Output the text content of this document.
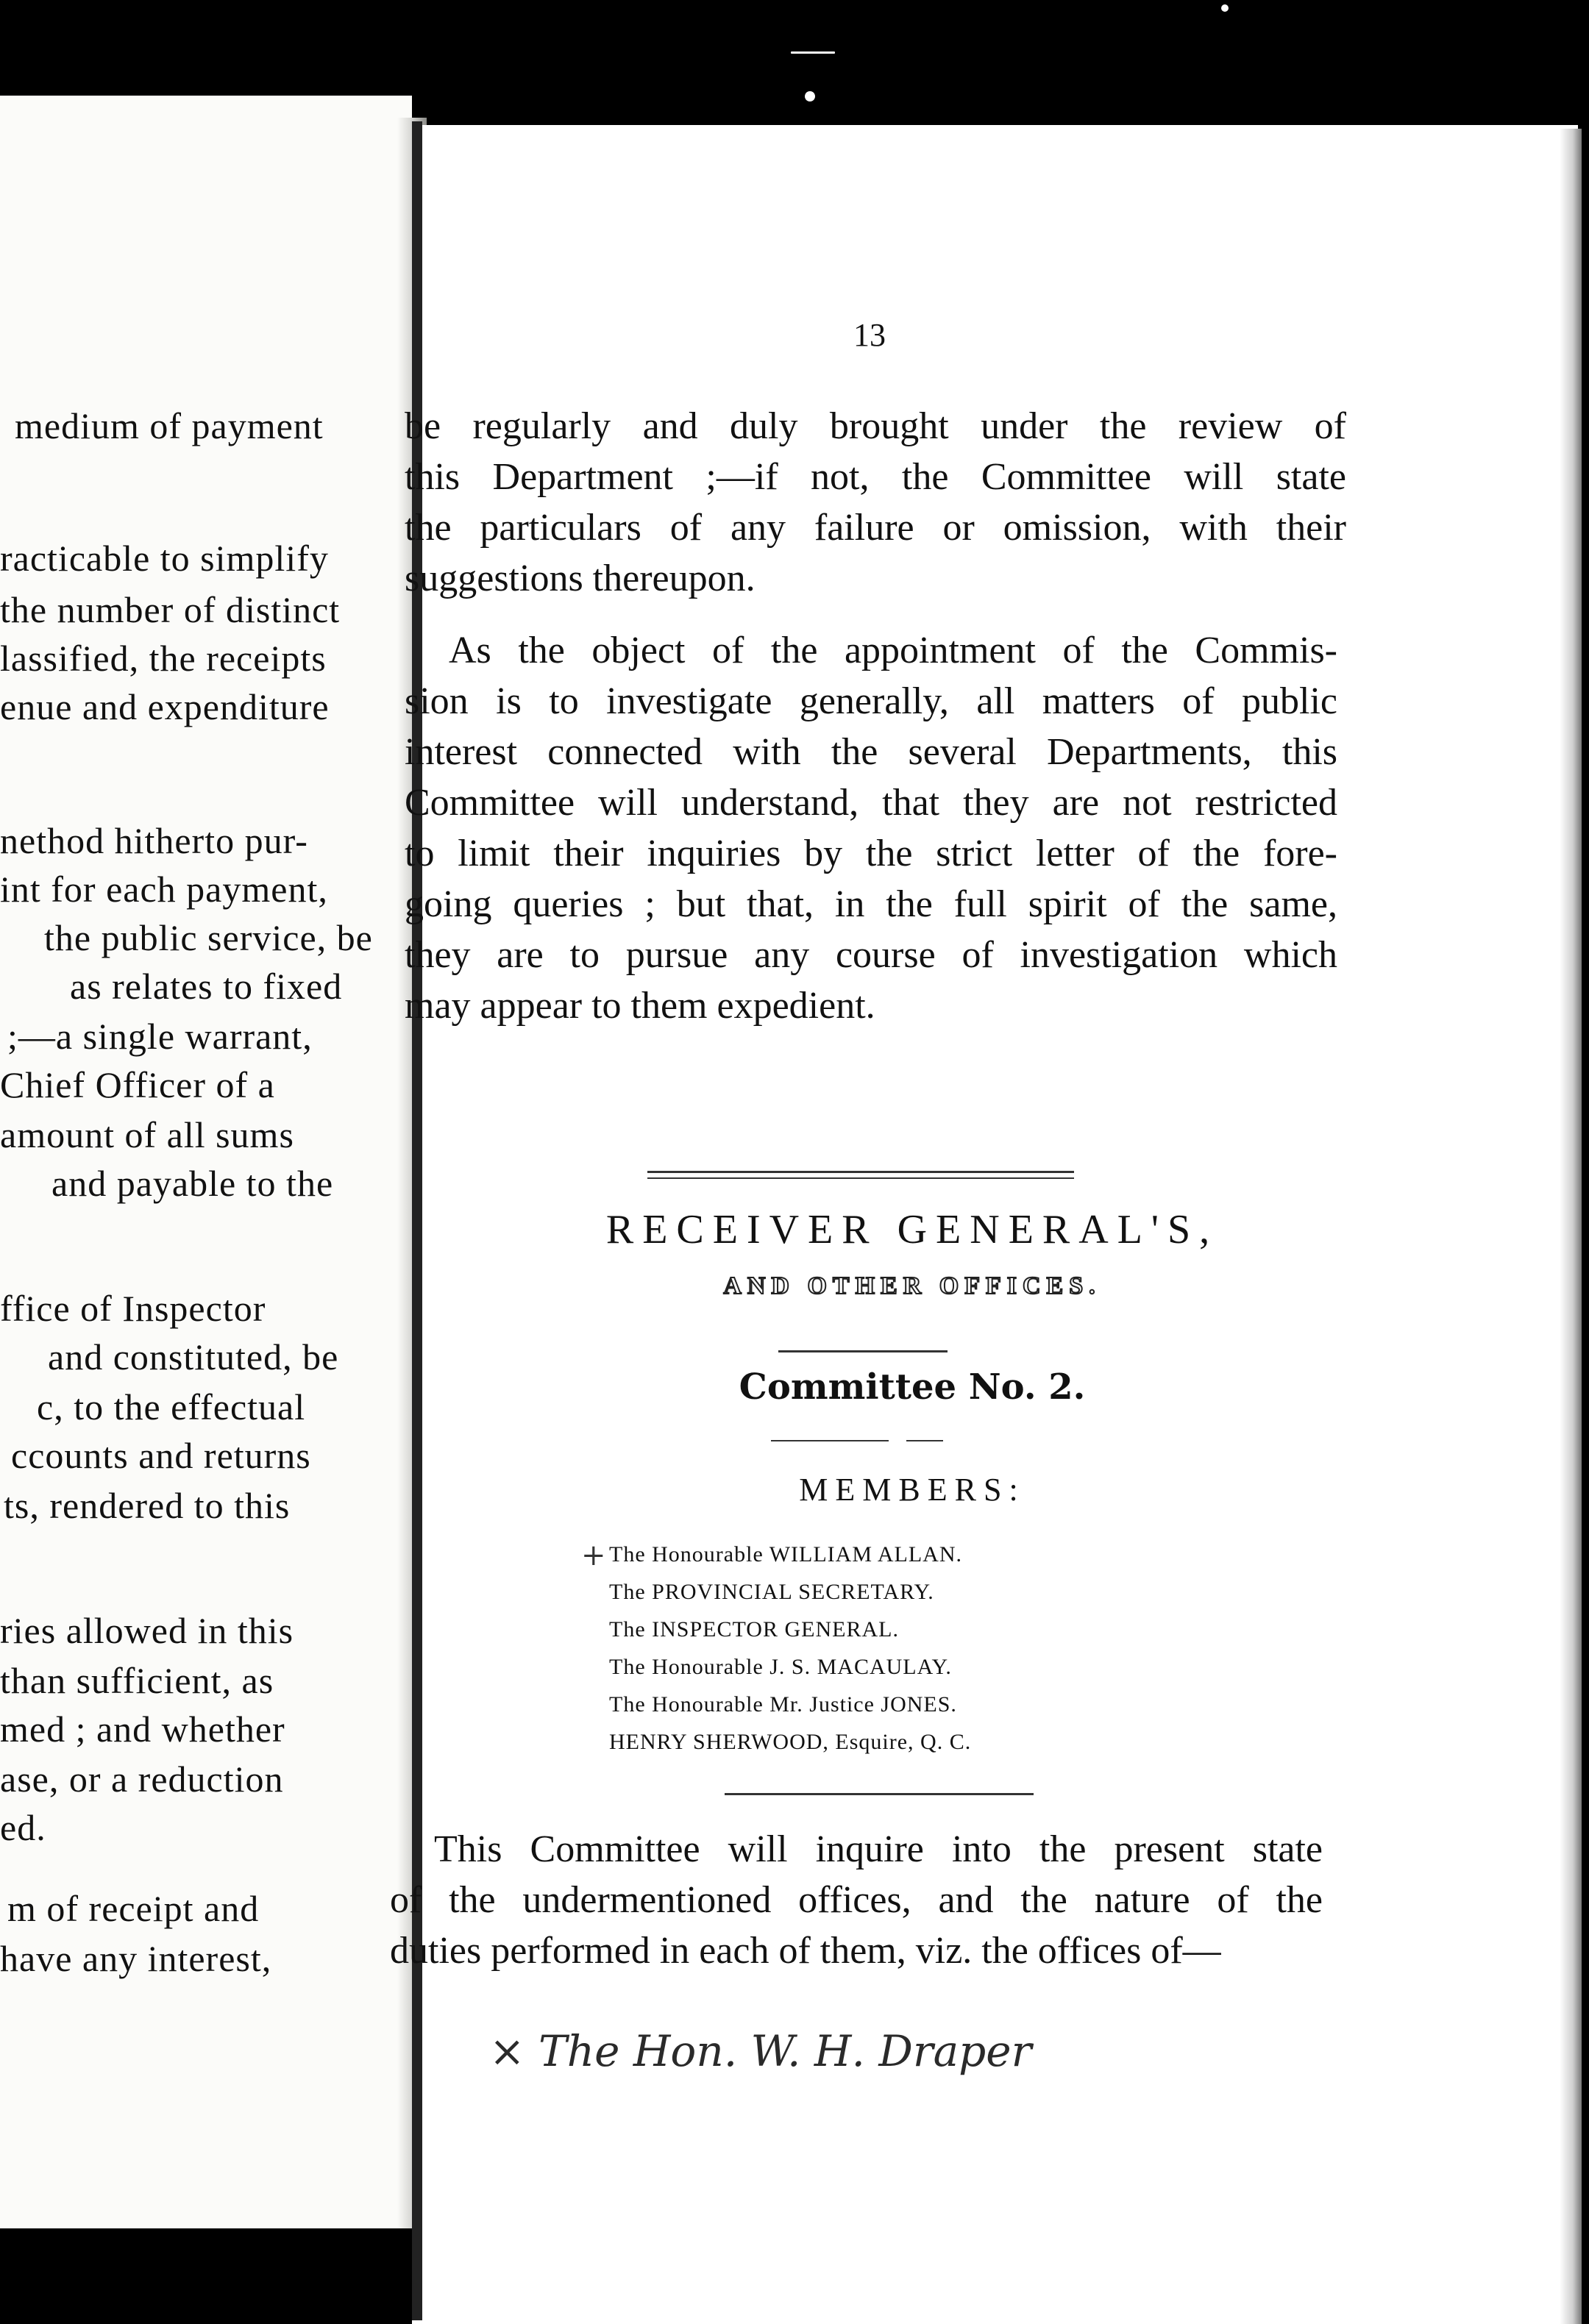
medium of payment
racticable to simplify
the number of distinct
lassified, the receipts
enue and expenditure
nethod hitherto pur-
int for each payment,
the public service, be
as relates to fixed
;—a single warrant,
Chief Officer of a
amount of all sums
and payable to the
ffice of Inspector
and constituted, be
c, to the effectual
ccounts and returns
ts, rendered to this
ries allowed in this
than sufficient, as
med ; and whether
ase, or a reduction
ed.
m of receipt and
have any interest,
13
be regularly and duly brought under the review of
this Department ;—if not, the Committee will state
the particulars of any failure or omission, with their
suggestions thereupon.
As the object of the appointment of the Commis-
sion is to investigate generally, all matters of public
interest connected with the several Departments, this
Committee will understand, that they are not restricted
to limit their inquiries by the strict letter of the fore-
going queries ; but that, in the full spirit of the same,
they are to pursue any course of investigation which
may appear to them expedient.
RECEIVER GENERAL'S,
AND OTHER OFFICES.
Committee No. 2.
MEMBERS:
The Honourable WILLIAM ALLAN.
The PROVINCIAL SECRETARY.
The INSPECTOR GENERAL.
The Honourable J. S. MACAULAY.
The Honourable Mr. Justice JONES.
HENRY SHERWOOD, Esquire, Q. C.
+
This Committee will inquire into the present state
of the undermentioned offices, and the nature of the
duties performed in each of them, viz. the offices of—
× The Hon. W. H. Draper
